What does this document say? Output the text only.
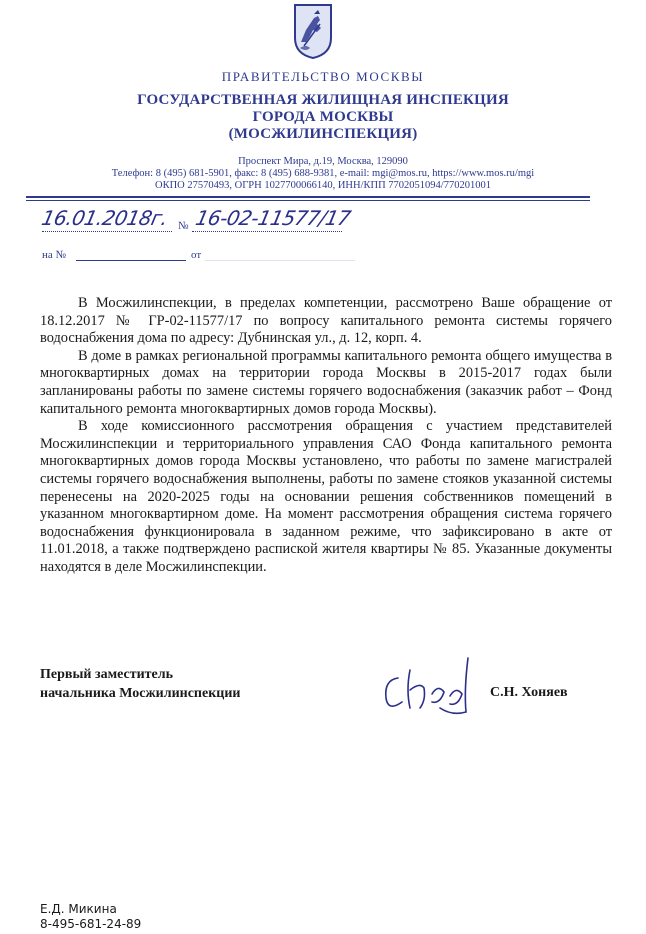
ПРАВИТЕЛЬСТВО МОСКВЫ
ГОСУДАРСТВЕННАЯ ЖИЛИЩНАЯ ИНСПЕКЦИЯ
ГОРОДА МОСКВЫ
(МОСЖИЛИНСПЕКЦИЯ)
Проспект Мира, д.19, Москва, 129090
Телефон: 8 (495) 681-5901, факс: 8 (495) 688-9381, e-mail: mgi@mos.ru, https://www.mos.ru/mgi
ОКПО 27570493, ОГРН 1027700066140, ИНН/КПП 7702051094/770201001
16.01.2018г. № 16-02-11577/17
на №	от

В Мосжилинспекции, в пределах компетенции, рассмотрено Ваше обращение от 18.12.2017 № ГР-02-11577/17 по вопросу капитального ремонта системы горячего водоснабжения дома по адресу: Дубнинская ул., д. 12, корп. 4.

В доме в рамках региональной программы капитального ремонта общего имущества в многоквартирных домах на территории города Москвы в 2015-2017 годах были запланированы работы по замене системы горячего водоснабжения (заказчик работ – Фонд капитального ремонта многоквартирных домов города Москвы).

В ходе комиссионного рассмотрения обращения с участием представителей Мосжилинспекции и территориального управления САО Фонда капитального ремонта многоквартирных домов города Москвы установлено, что работы по замене магистралей системы горячего водоснабжения выполнены, работы по замене стояков указанной системы перенесены на 2020-2025 годы на основании решения собственников помещений в указанном многоквартирном доме. На момент рассмотрения обращения система горячего водоснабжения функционировала в заданном режиме, что зафиксировано в акте от 11.01.2018, а также подтверждено распиской жителя квартиры № 85. Указанные документы находятся в деле Мосжилинспекции.

Первый заместитель
начальника Мосжилинспекции	С.Н. Хоняев
Е.Д. Микина
8-495-681-24-89
